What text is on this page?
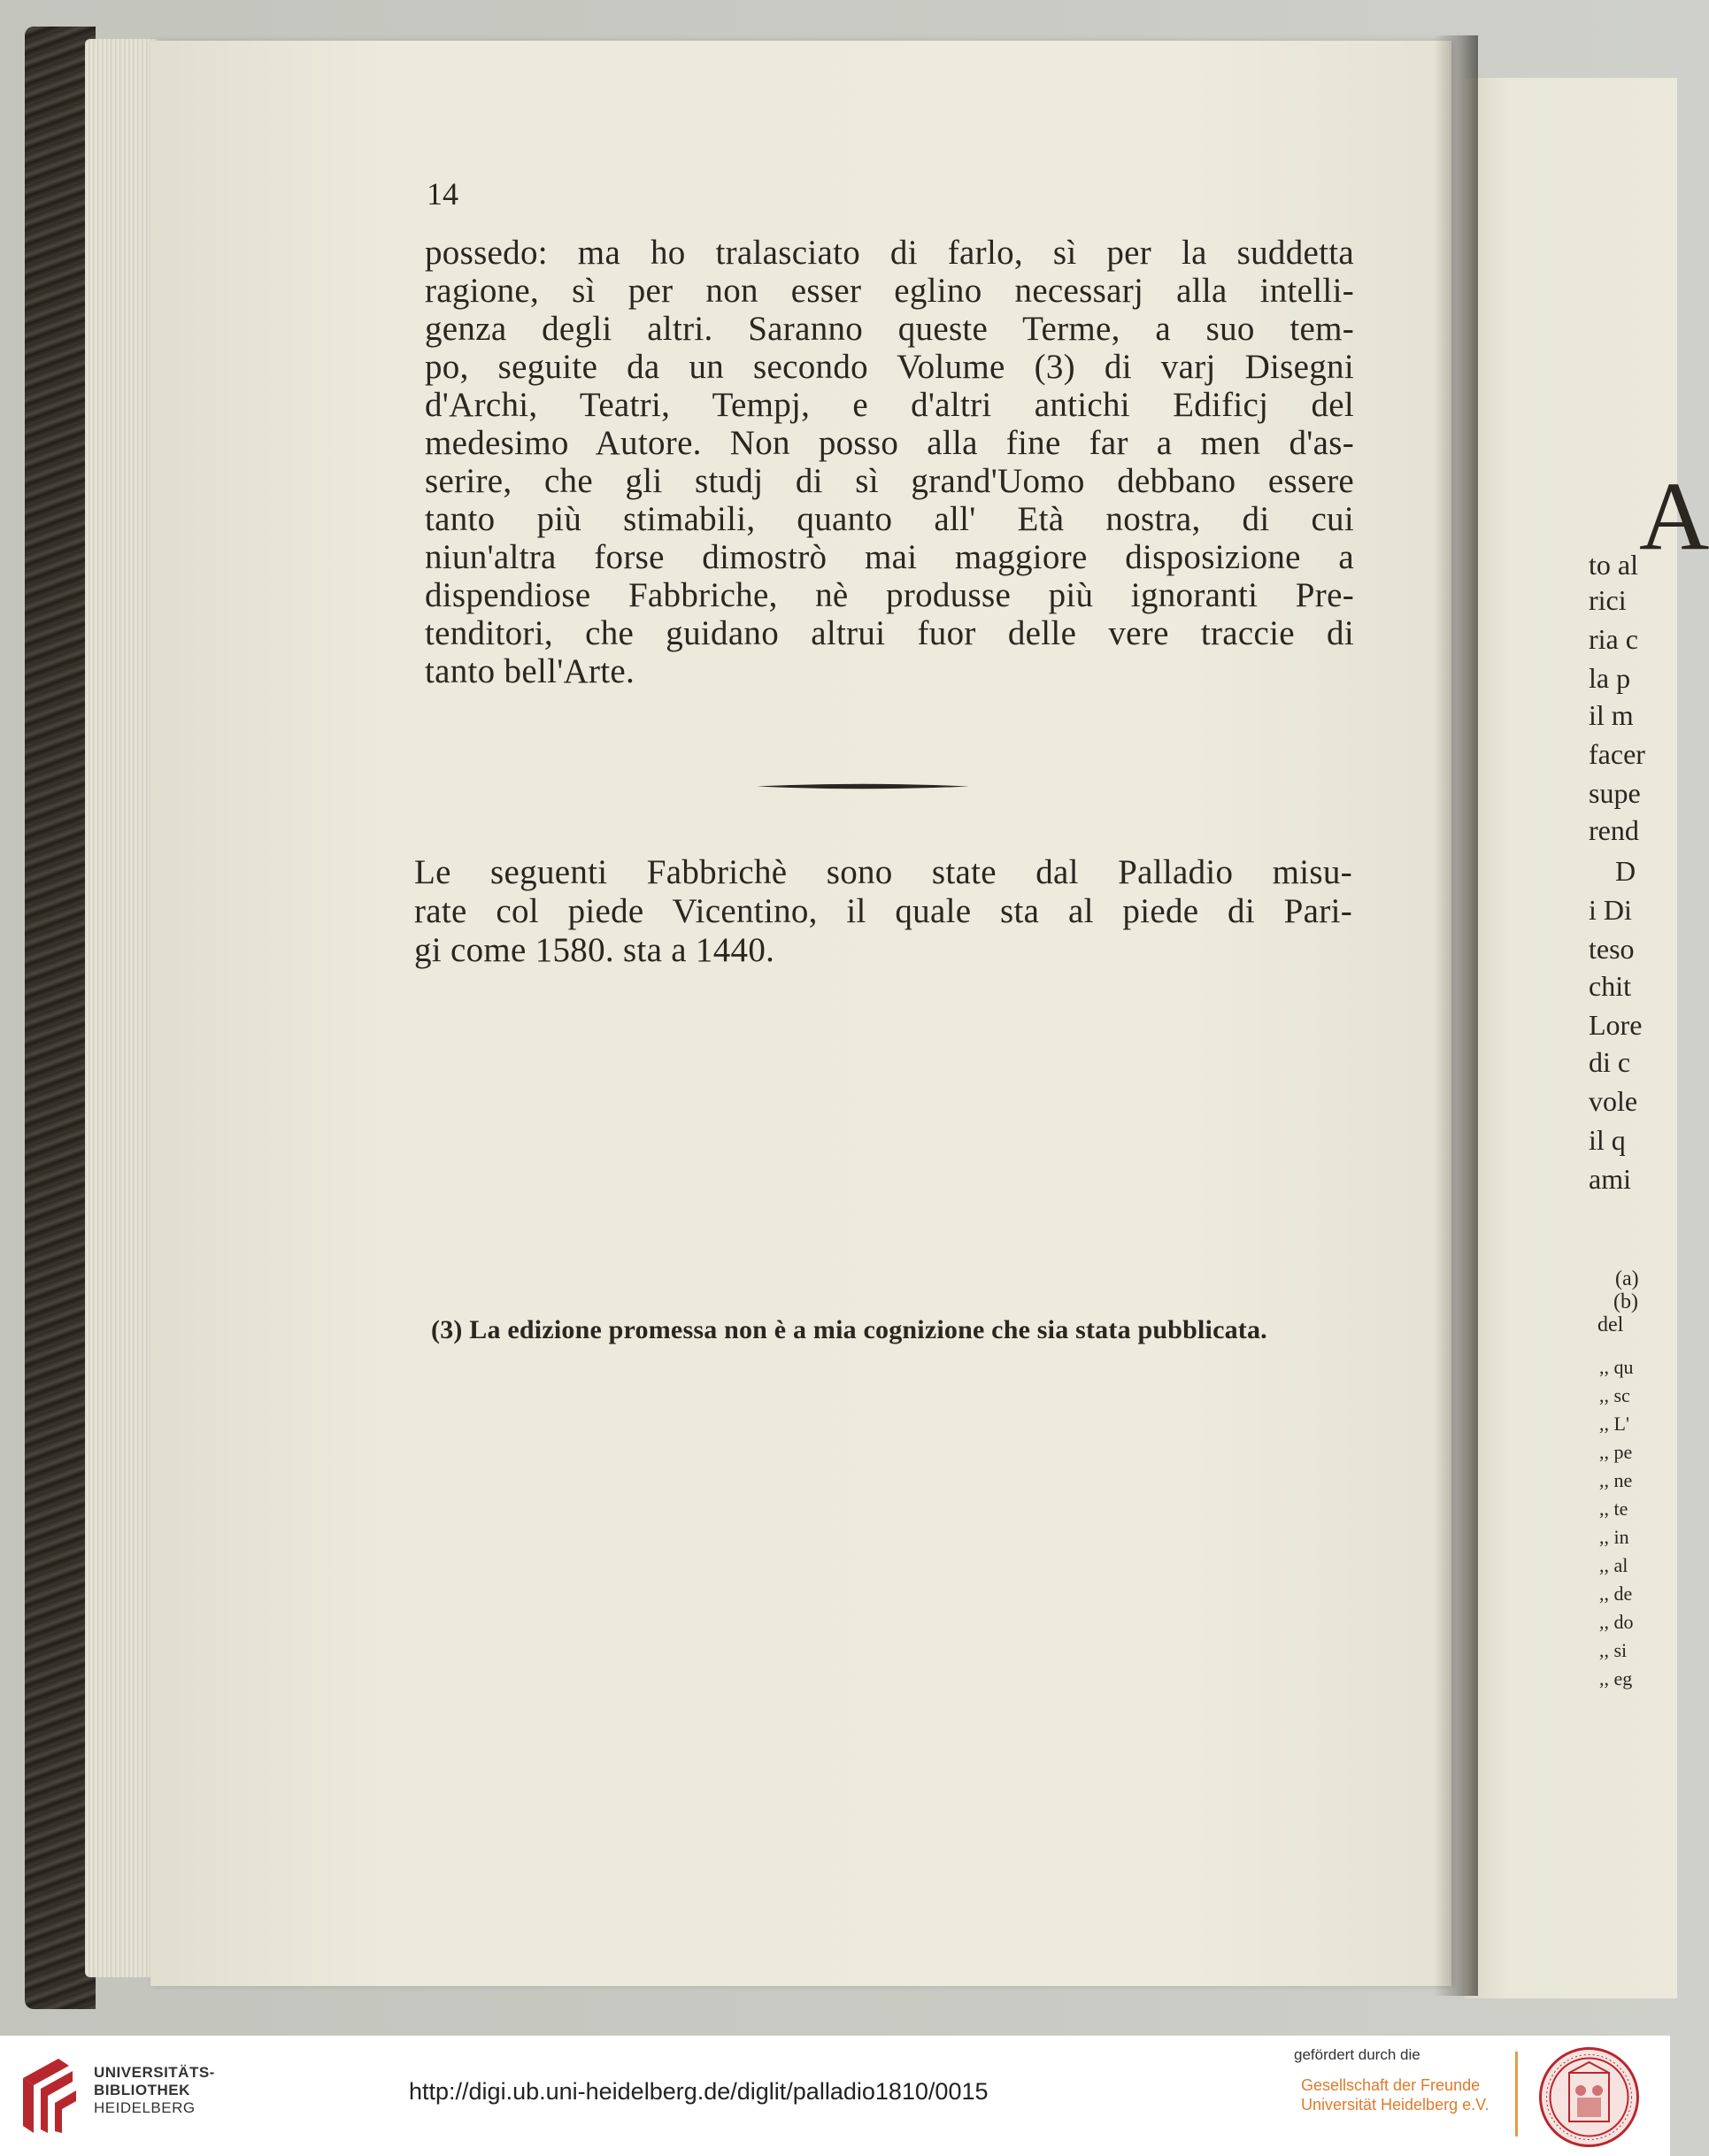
14
possedo: ma ho tralasciato di farlo, sì per la suddetta
ragione, sì per non esser eglino necessarj alla intelli-
genza degli altri. Saranno queste Terme, a suo tem-
po, seguite da un secondo Volume (3) di varj Disegni
d'Archi, Teatri, Tempj, e d'altri antichi Edificj del
medesimo Autore. Non posso alla fine far a men d'as-
serire, che gli studj di sì grand'Uomo debbano essere
tanto più stimabili, quanto all' Età nostra, di cui
niun'altra forse dimostrò mai maggiore disposizione a
dispendiose Fabbriche, nè produsse più ignoranti Pre-
tenditori, che guidano altrui fuor delle vere traccie di
tanto bell'Arte.
Le seguenti Fabbrichè sono state dal Palladio misu-
rate col piede Vicentino, il quale sta al piede di Pari-
gi come 1580. sta a 1440.
(3) La edizione promessa non è a mia cognizione che sia stata pubblicata.
A
to al
rici
ria c
la p
il m
facer
supe
rend
D
i Di
teso
chit
Lore
di c
vole
il q
ami
(a)
(b)
del
,, qu
,, sc
,, L'
,, pe
,, ne
,, te
,, in
,, al
,, de
,, do
,, si
,, eg
UNIVERSITÄTS-
BIBLIOTHEK
HEIDELBERG
http://digi.ub.uni-heidelberg.de/diglit/palladio1810/0015
gefördert durch die
Gesellschaft der Freunde
Universität Heidelberg e.V.
